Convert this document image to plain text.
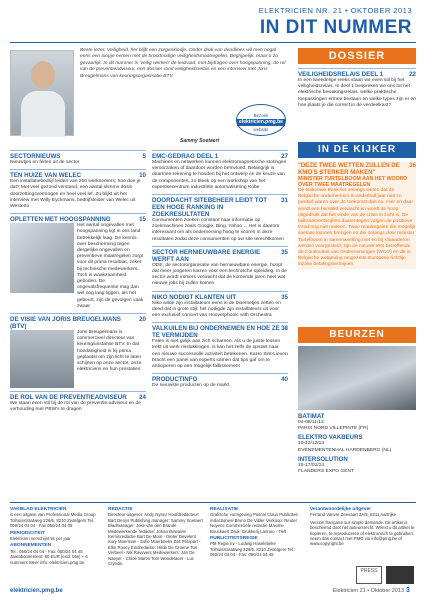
ELEKTRICIEN NR. 21 • OKTOBER 2013
IN DIT NUMMER
Beste lezer, Veiligheid, het blijft een zorgenkindje. Onder druk van deadlines wil men nogal eens een loopje nemen met de broodnodige veiligheidsmaatregelen. Begrijpelijk, maar o zo gevaarlijk. In dit nummer is 'veilig werken' de leidraad, met bijdragen over hoogspanning, de rol van de preventieadviseur, een dossier rond veiligheidsrelais en een interview met Joris Breugelmans van keuringsorganisatie BTV.
Sammy Soetaert
Bezoek
elektricien.pmg.be
website
SECTORNIEUWS	5
Nieuwtjes en feiten uit de sector
TEN HUIZE VAN WELEC	10
Een installatiebedrijf leiden van 250 werknemers, hoe doe je dat? Met veel gezond verstand, een aantal slimme dosis doorzettingsvermogen en heel veel lef. Zo blijkt uit het interview met Willy Eyckmans, bedrijfsleider van Welec uit Westerlo
OPLETTEN MET HOOGSPANNING	15
Het aantal ongevallen met hoogspanning ligt in ons land betrekkelijk laag. De kennis over bescherming tegen dergelijke ongevallen en preventieve maatregelen zorgt voor dit prima resultaat, zeker bij technische medewerkers. Toch is waakzaamheid geboden. De ongevalsfrequentie mag dan wel nog laag liggen, als het gebeurt, zijn de gevolgen vaak zwaar
DE VISIE VAN JORIS BREUGELMANS (BTV)
20
Joris Breugelmans is commercieel directeur van keuringsinstantie BTV. In dat hoedanigheid is hij prima geplaatst om zijn licht te laten schijnen op onze sector, onze elektriciens en hun prestaties
DE ROL VAN DE PREVENTIEADVISEUR 24
We staan even stil bij de rol van de preventie-adviseur en de verhouding met PBW's te dragen
EMC-GEDRAG DEEL 1	27
Machines en netwerken kunnen elektromagnetische storingen veroorzaken of daardoor worden beïnvloed. Belangrijk is daarmee rekening te houden bij het ontwerp en de keuze van de componenten, zo bleek op een workshop van het expertisecentrum industriële automatisering Kobe
DOORDACHT SITEBEHEER LEIDT TOT EEN HOGE RANKING IN ZOEKRESULTATEN
31
Consumenten zoeken constant naar informatie op zoekmachines zoals Google, Bing, Yahoo ... Het is daarom interessant om als onderneming hoog te scoren in deze resultaten zodat deze consumenten op uw site terechtkomen
SECTOR HERNIEUWBARE ENERGIE WERFT AAN
35
ODE, de sectororganisatie van hernieuwbare energie, hoopt dat meer jongeren kiezen voor een technische opleiding. In de sector wordt immers verwacht dat de komende jaren heel wat nieuwe jobs bij zullen komen
NIKO NODIGT KLANTEN UIT	35
Niko wilde zijn installateurs eens in de bloemetjes zetten en deed dat in grote stijl: het nodigde zijn installateurs uit voor een exclusief concert van Hooverphonic with Orchestra
VALKUILEN BIJ ONDERNEMEN EN HOE ZE TE VERMIJDEN
38
Falen is niet gelijk aan zich schamen. Als u de juiste lessen trekt uit werk mislukkingen, is kan het zelfs de opstart naar een nieuwe succesvolle activiteit betekenen. KaHo Sint-Lieven bracht een panel van experts samen dat tips gaf om te anticiperen op een mogelijk faillissement
PRODUCTINFO	40
De nieuwste producten op de markt
DOSSIER
VEILIGHEIDSRELAIS DEEL 1	22
In een tweedelige reeks staan we even stil bij het veiligheidsrelais. In deel 1 bespreken we ons tot het elektrische bewakingsrelais, welke praktische toepassingen ermee bestaan en welke types zijn er en hoe plaats je die correct in de verdeelkast?
IN DE KIJKER
"DEZE TWEE WETTEN ZULLEN DE KMO'S STERKER MAKEN"
36
MINISTER TURTELBOOM AAN HET WOORD OVER TWEE MAATREGELEN
De Nationale Bank liet onlangs weten dat de Belgische ondernemers in anderhalf jaar niet zo positief waren over de toekomst dan nu. Hier en daar wordt een hersteld verwacht en wordt de hoop uitgedrukt dat het einde van de crisis in zicht is. De faillissementscijfers daarentegen volgen de positieve trend nog niet meteen. Twee maatregelen die mogelijk soelaas kunnen brengen en die onlangs door minister Turtelboom in samenwerking met en bij Vlaanderen werden voorgesteld, zijn de nieuwe Wet betreffende de Continuïteit van Ondernemingen (WCO) en de in Belgische wetgeving omgezette Europese richtlijn inzake betalingstermijnen
BEURZEN
BATIMAT
04-08/11/13
PARIS NORD VILLEPINTE (FR)
ELEKTRO VAKBEURS
10-12/12/13
EVENEMENTENHAL HARDENBERG (NL)
INTERSOLUTION
15-17/01/14
FLANDERS EXPO GENT
VAKBLAD ELEKTRICIEN
is een uitgave van Professional Media Group Tolhuisstraatweg 226/6, 8210 Zedelgem Tel. 050/24 04 04 - Fax 050/24 04 05
PERIODICITEIT
Elektricien verschijnt 9x per jaar
ABONNEMENTEN
Tel.: 050/24 04 04 - Fax: 050/24 04 45 Jaarabonnement: 60 EUR (excl. btw) + 6 nummers Meer info: elektricien.pmg.be
REDACTIE
Directeur-uitgever: Andy Nysez Hoofdredacteur: Bart Denys Publishing manager: Sammy Soetaert Bladmanager: Joke van den Brande Medewerkende redactie: Johan Dewaele Kerninredactie Bart De Moor - Dieter Develent Kory Moerman - Sofie Moerbeeks Zolt Pélopart - Elke Roocy Eindredactie: Hilde De Groene Ton Verbeel - Nik Ravvvers Medewerkers: Jan De Naeyer - Chloé Martin Tom Wondelaers - Luc Cryndis
REALISATIE
Grafische vormgeving Pascal Claus Publiciteit redactioneel Bruno De Vilder Verkoop: Reuter Nuyens Commerciële redactie Maxime Bouckaert Druk: Drukkerij Lannoo - Tielt
PUBLICITEITSREGIE
PM Regie nv - Ludwig Haselebeke Tolhuisstraatweg 226/6, 8210 Zedelgem Tel.: 050/24 04 04 - Fax: 050/24 04 45
Verantwoordelijke uitgever
Ferrand Vanvre Zeevaart 2A/5, 8211 Aartrijke
Version française sur simple demande. Dit artikel is beschermd door het auteursrecht. Wenst u dit artikel te kopiëren, te reproduceren of elektronisch te gebruiken, neem dan contact met PMG via info@pmg.be of www.copyright.be
PRESS
elektricien.pmg.be	Elektricien 21 • Oktober 2013 3
